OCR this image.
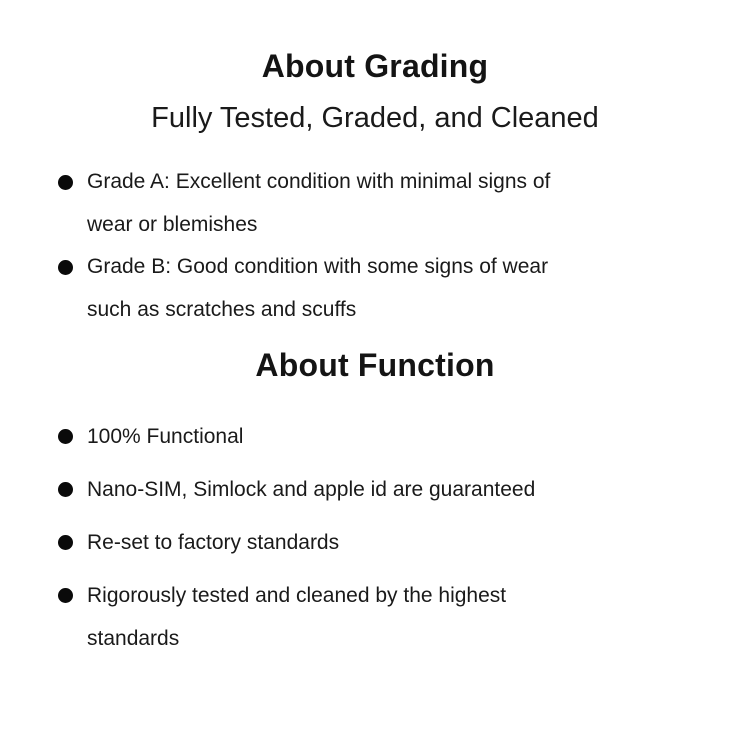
About Grading

Fully Tested, Graded, and Cleaned

Grade A: Excellent condition with minimal signs of
wear or blemishes
Grade B: Good condition with some signs of wear
such as scratches and scuffs
About Function
100% Functional
Nano-SIM, Simlock and apple id are guaranteed
Re-set to factory standards
Rigorously tested and cleaned by the highest
standards
